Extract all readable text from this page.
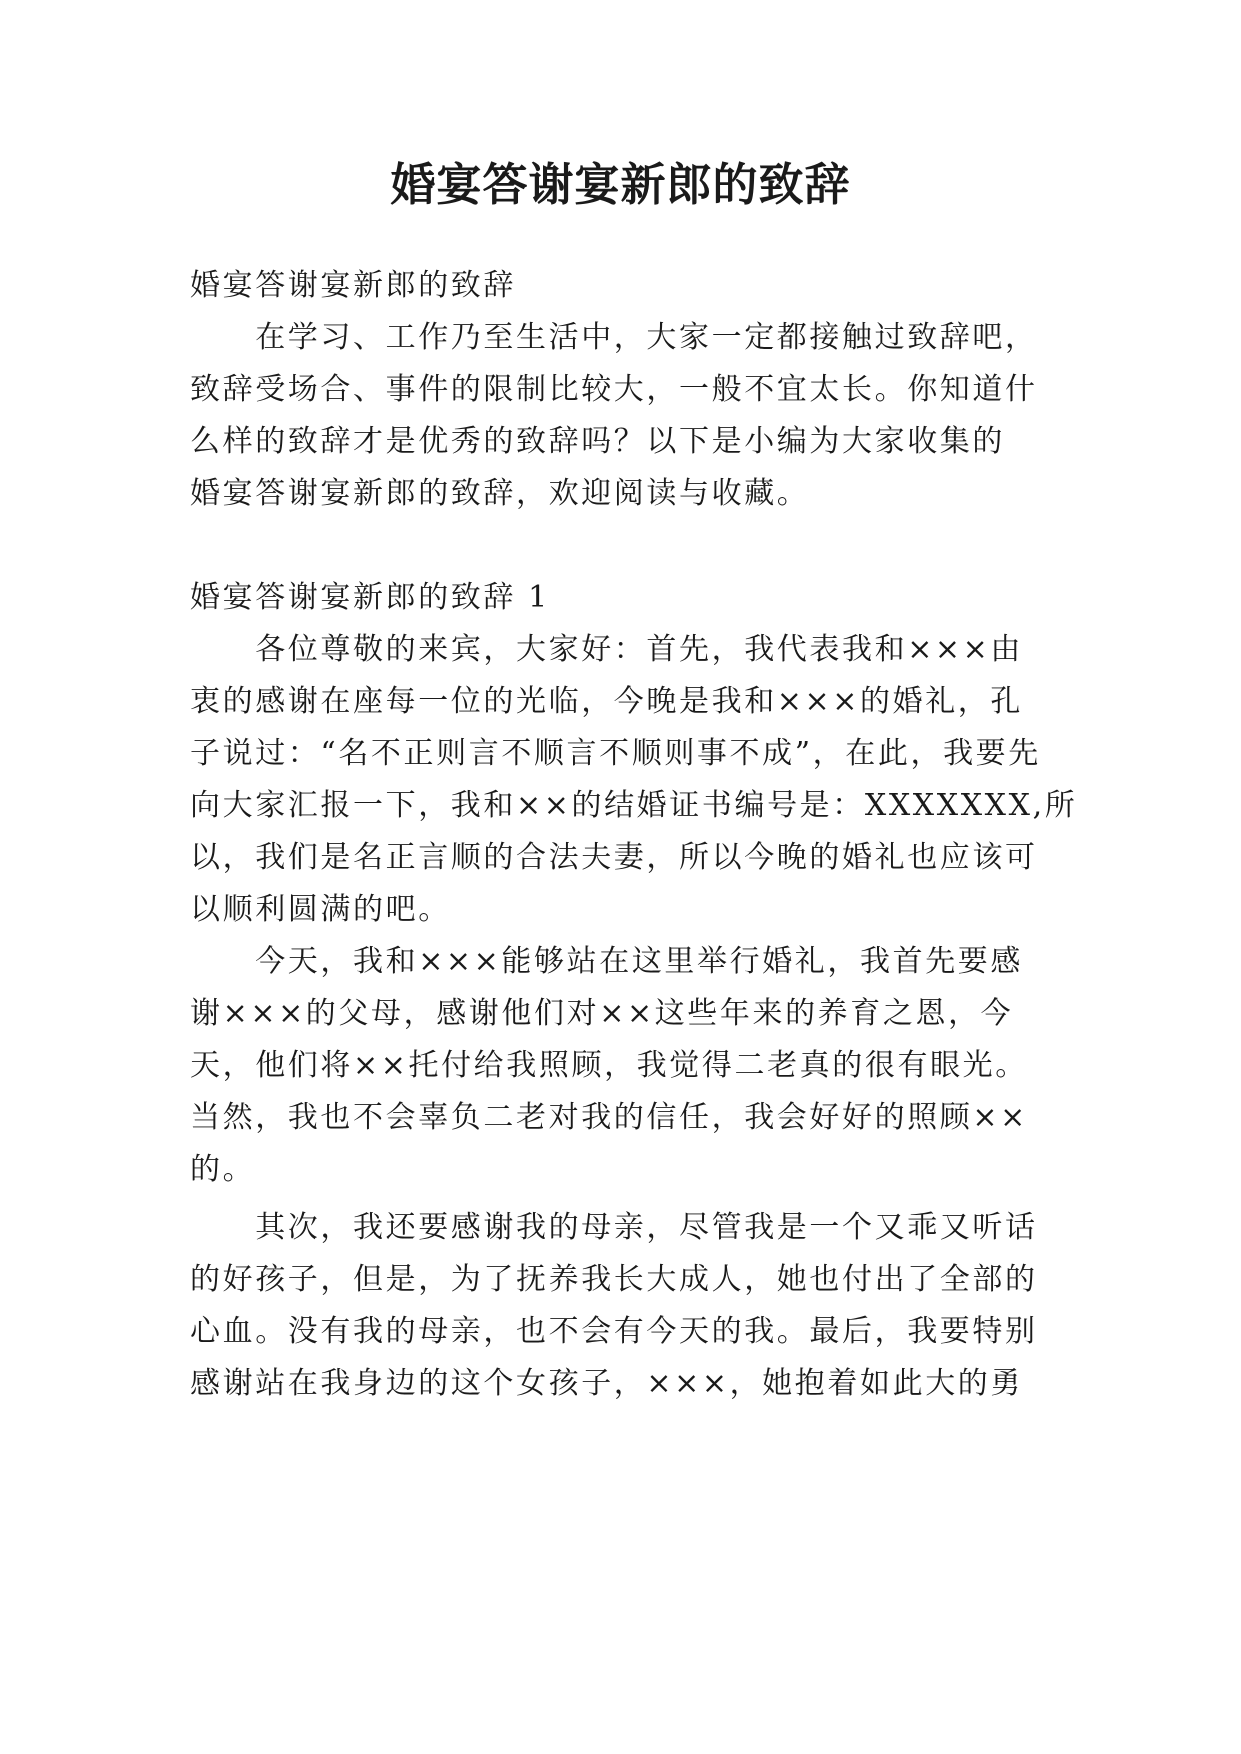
婚宴答谢宴新郎的致辞
婚宴答谢宴新郎的致辞
　　在学习、工作乃至生活中，大家一定都接触过致辞吧，
致辞受场合、事件的限制比较大，一般不宜太长。你知道什
么样的致辞才是优秀的致辞吗？以下是小编为大家收集的
婚宴答谢宴新郎的致辞，欢迎阅读与收藏。
婚宴答谢宴新郎的致辞 1
　　各位尊敬的来宾，大家好：首先，我代表我和×××由
衷的感谢在座每一位的光临，今晚是我和×××的婚礼，孔
子说过：“名不正则言不顺言不顺则事不成”，在此，我要先
向大家汇报一下，我和××的结婚证书编号是：XXXXXXX,所
以，我们是名正言顺的合法夫妻，所以今晚的婚礼也应该可
以顺利圆满的吧。
　　今天，我和×××能够站在这里举行婚礼，我首先要感
谢×××的父母，感谢他们对××这些年来的养育之恩，今
天，他们将××托付给我照顾，我觉得二老真的很有眼光。
当然，我也不会辜负二老对我的信任，我会好好的照顾××
的。
　　其次，我还要感谢我的母亲，尽管我是一个又乖又听话
的好孩子，但是，为了抚养我长大成人，她也付出了全部的
心血。没有我的母亲，也不会有今天的我。最后，我要特别
感谢站在我身边的这个女孩子，×××，她抱着如此大的勇
